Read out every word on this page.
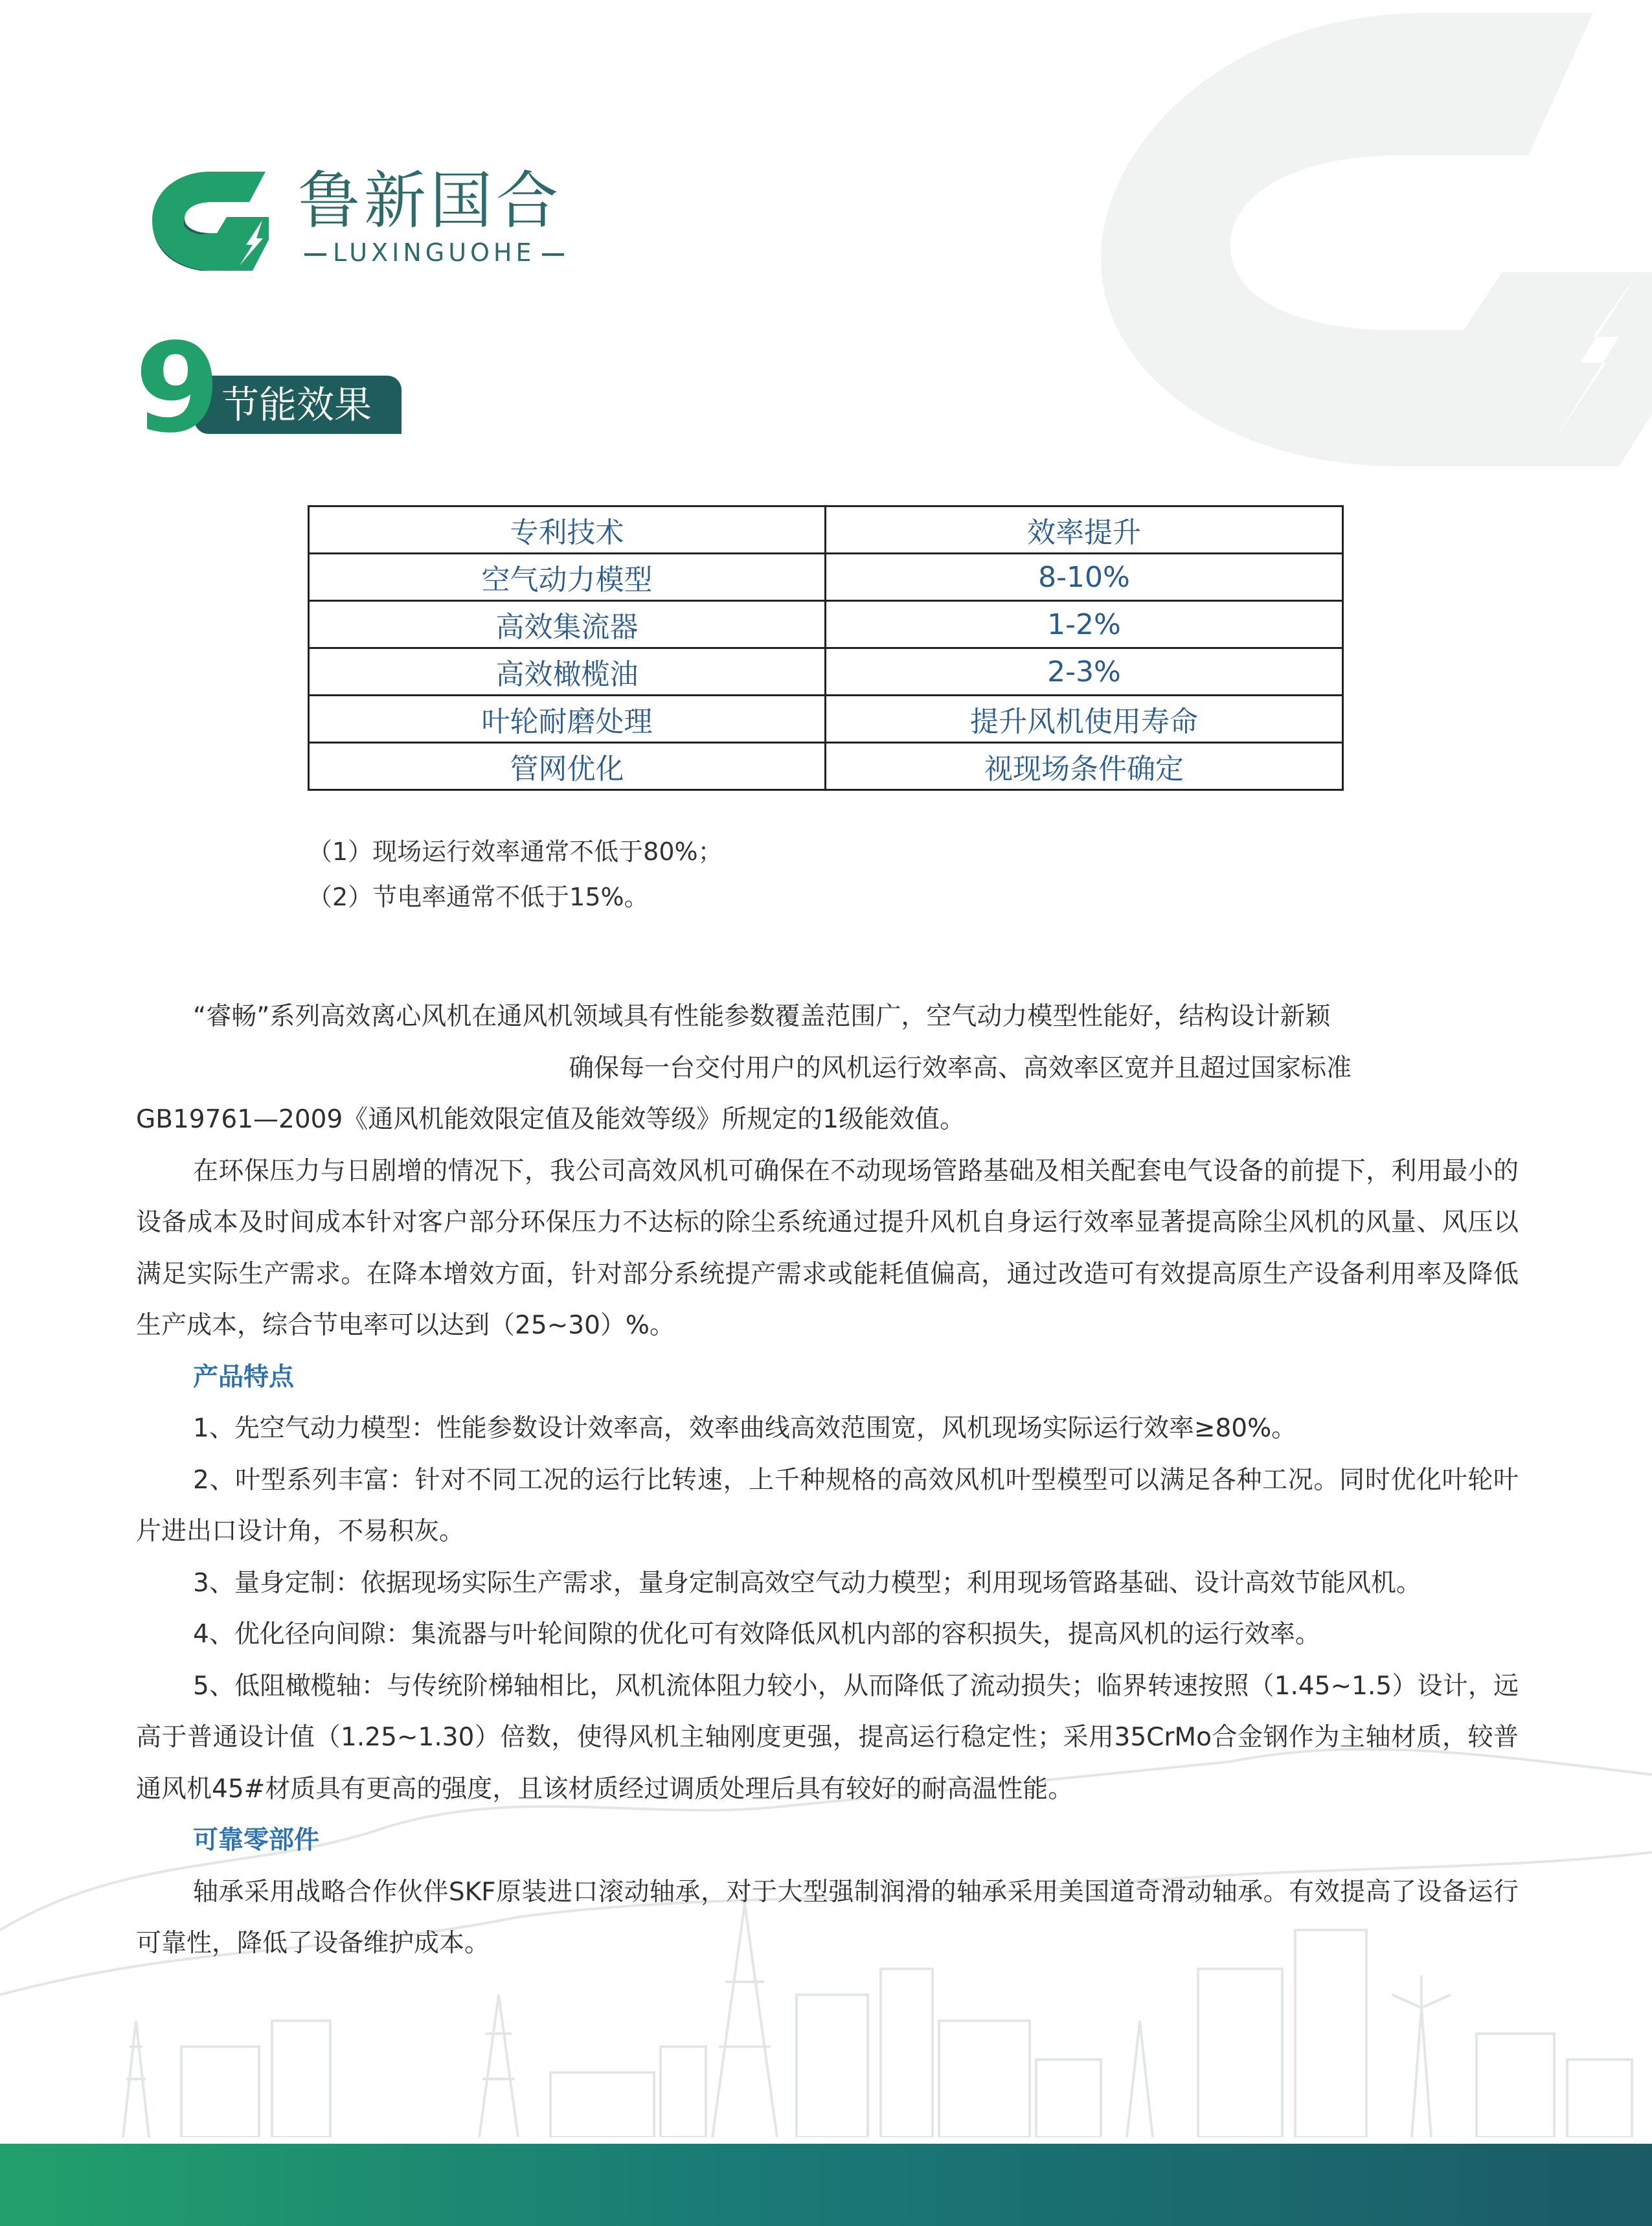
鲁新国合
LUXINGUOHE
节能效果
9
专利技术	效率提升
空气动力模型	8-10%
高效集流器	1-2%
高效橄榄油	2-3%
叶轮耐磨处理	提升风机使用寿命
管网优化	视现场条件确定
（1）现场运行效率通常不低于80%；
（2）节电率通常不低于15%。

“睿畅”系列高效离心风机在通风机领域具有性能参数覆盖范围广，空气动力模型性能好，结构设计新颖

确保每一台交付用户的风机运行效率高、高效率区宽并且超过国家标准

GB19761—2009《通风机能效限定值及能效等级》所规定的1级能效值。

在环保压力与日剧增的情况下，我公司高效风机可确保在不动现场管路基础及相关配套电气设备的前提下，利用最小的设备成本及时间成本针对客户部分环保压力不达标的除尘系统通过提升风机自身运行效率显著提高除尘风机的风量、风压以满足实际生产需求。在降本增效方面，针对部分系统提产需求或能耗值偏高，通过改造可有效提高原生产设备利用率及降低生产成本，综合节电率可以达到（25~30）%。

产品特点

1、先空气动力模型：性能参数设计效率高，效率曲线高效范围宽，风机现场实际运行效率≥80%。

2、叶型系列丰富：针对不同工况的运行比转速，上千种规格的高效风机叶型模型可以满足各种工况。同时优化叶轮叶片进出口设计角，不易积灰。

3、量身定制：依据现场实际生产需求，量身定制高效空气动力模型；利用现场管路基础、设计高效节能风机。

4、优化径向间隙：集流器与叶轮间隙的优化可有效降低风机内部的容积损失，提高风机的运行效率。

5、低阻橄榄轴：与传统阶梯轴相比，风机流体阻力较小，从而降低了流动损失；临界转速按照（1.45~1.5）设计，远高于普通设计值（1.25~1.30）倍数，使得风机主轴刚度更强，提高运行稳定性；采用35CrMo合金钢作为主轴材质，较普通风机45#材质具有更高的强度，且该材质经过调质处理后具有较好的耐高温性能。

可靠零部件

轴承采用战略合作伙伴SKF原装进口滚动轴承，对于大型强制润滑的轴承采用美国道奇滑动轴承。有效提高了设备运行可靠性，降低了设备维护成本。
